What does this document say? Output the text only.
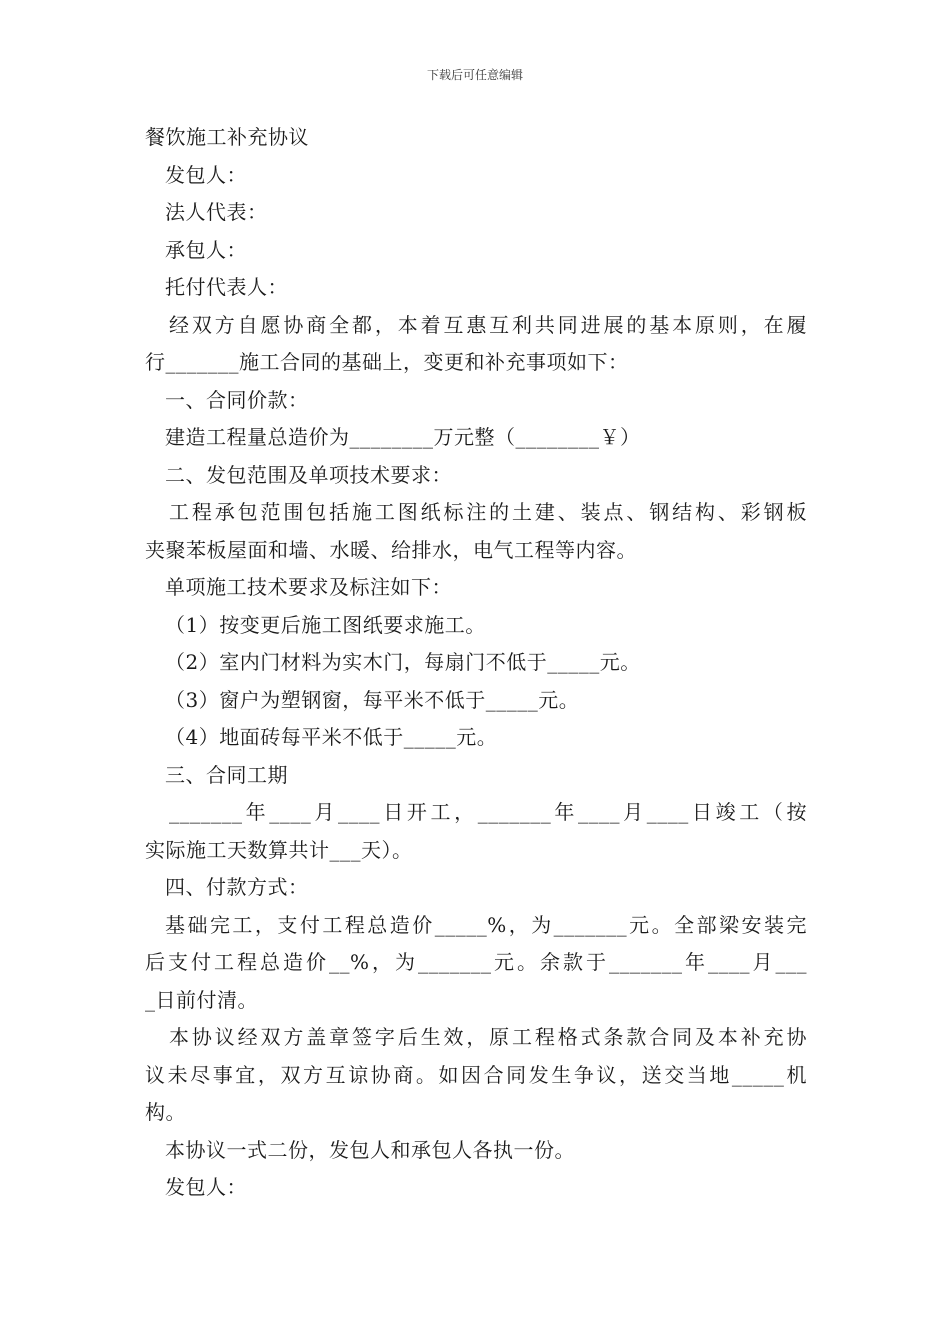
下载后可任意编辑
餐饮施工补充协议
发包人：
法人代表：
承包人：
托付代表人：
经双方自愿协商全都，本着互惠互利共同进展的基本原则，在履
行_______施工合同的基础上，变更和补充事项如下：
一、合同价款：
建造工程量总造价为________万元整（________￥）
二、发包范围及单项技术要求：
工程承包范围包括施工图纸标注的土建、装点、钢结构、彩钢板
夹聚苯板屋面和墙、水暖、给排水，电气工程等内容。
单项施工技术要求及标注如下：
（1）按变更后施工图纸要求施工。
（2）室内门材料为实木门，每扇门不低于_____元。
（3）窗户为塑钢窗，每平米不低于_____元。
（4）地面砖每平米不低于_____元。
三、合同工期
_______年____月____日开工，_______年____月____日竣工（按
实际施工天数算共计___天）。
四、付款方式：
基础完工，支付工程总造价_____%，为_______元。全部梁安装完
后支付工程总造价__%，为_______元。余款于_______年____月___
_日前付清。
本协议经双方盖章签字后生效，原工程格式条款合同及本补充协
议未尽事宜，双方互谅协商。如因合同发生争议，送交当地_____机
构。
本协议一式二份，发包人和承包人各执一份。
发包人：
